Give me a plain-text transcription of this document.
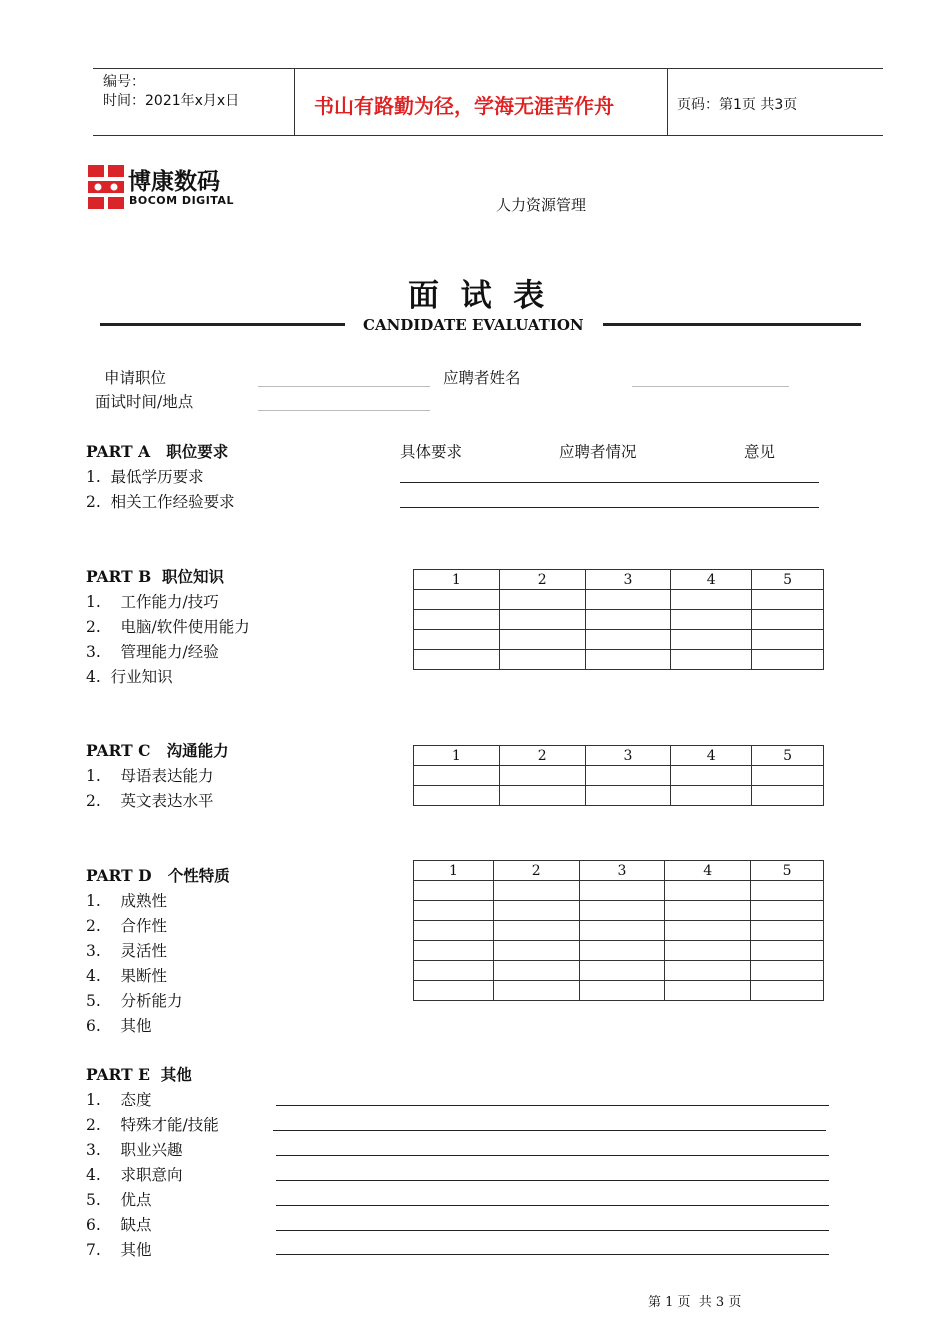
编号：
时间：2021年x月x日	书山有路勤为径，学海无涯苦作舟	页码：第1页 共3页
博康数码
BOCOM DIGITAL	人力资源管理
面  试  表
CANDIDATE EVALUATION
申请职位	应聘者姓名
面试时间/地点
PART A   职位要求	具体要求	应聘者情况	意见
1.  最低学历要求
2.  相关工作经验要求
PART B  职位知识
1.    工作能力/技巧
2.    电脑/软件使用能力
3.    管理能力/经验
4.  行业知识
1	2	3	4	5

PART C   沟通能力
1.    母语表达能力
2.    英文表达水平
1	2	3	4	5

PART D   个性特质
1.    成熟性
2.    合作性
3.    灵活性
4.    果断性
5.    分析能力
6.    其他
1	2	3	4	5

PART E  其他
1.    态度
2.    特殊才能/技能
3.    职业兴趣
4.    求职意向
5.    优点
6.    缺点
7.    其他
第 1 页  共 3 页
